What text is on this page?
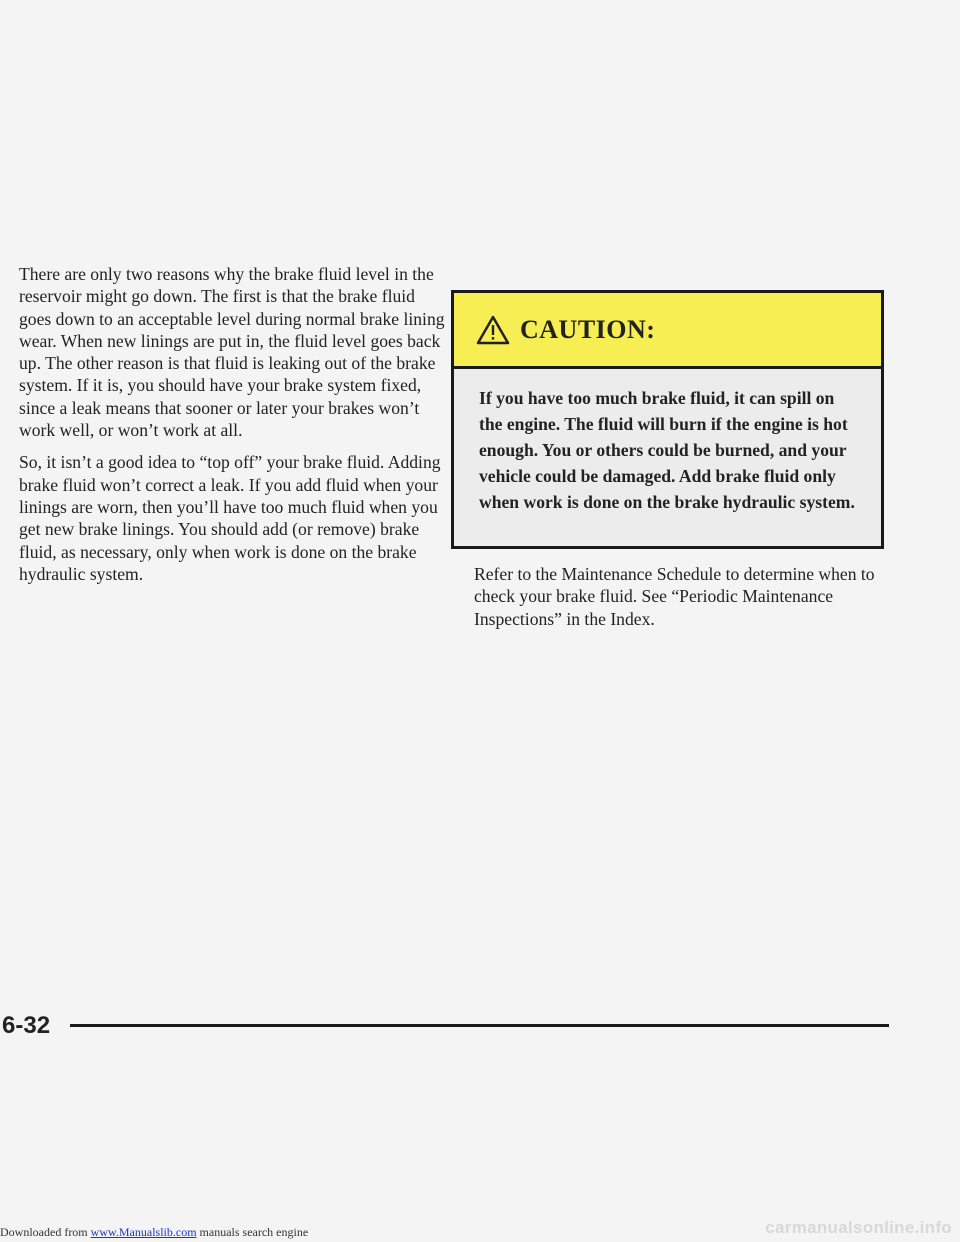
There are only two reasons why the brake fluid level in the reservoir might go down. The first is that the brake fluid goes down to an acceptable level during normal brake lining wear. When new linings are put in, the fluid level goes back up. The other reason is that fluid is leaking out of the brake system. If it is, you should have your brake system fixed, since a leak means that sooner or later your brakes won’t work well, or won’t work at all.

So, it isn’t a good idea to “top off” your brake fluid. Adding brake fluid won’t correct a leak. If you add fluid when your linings are worn, then you’ll have too much fluid when you get new brake linings. You should add (or remove) brake fluid, as necessary, only when work is done on the brake hydraulic system.

CAUTION:
If you have too much brake fluid, it can spill on the engine. The fluid will burn if the engine is hot enough. You or others could be burned, and your vehicle could be damaged. Add brake fluid only when work is done on the brake hydraulic system.

Refer to the Maintenance Schedule to determine when to check your brake fluid. See “Periodic Maintenance Inspections” in the Index.

6-32
Downloaded from www.Manualslib.com manuals search engine	carmanualsonline.info
